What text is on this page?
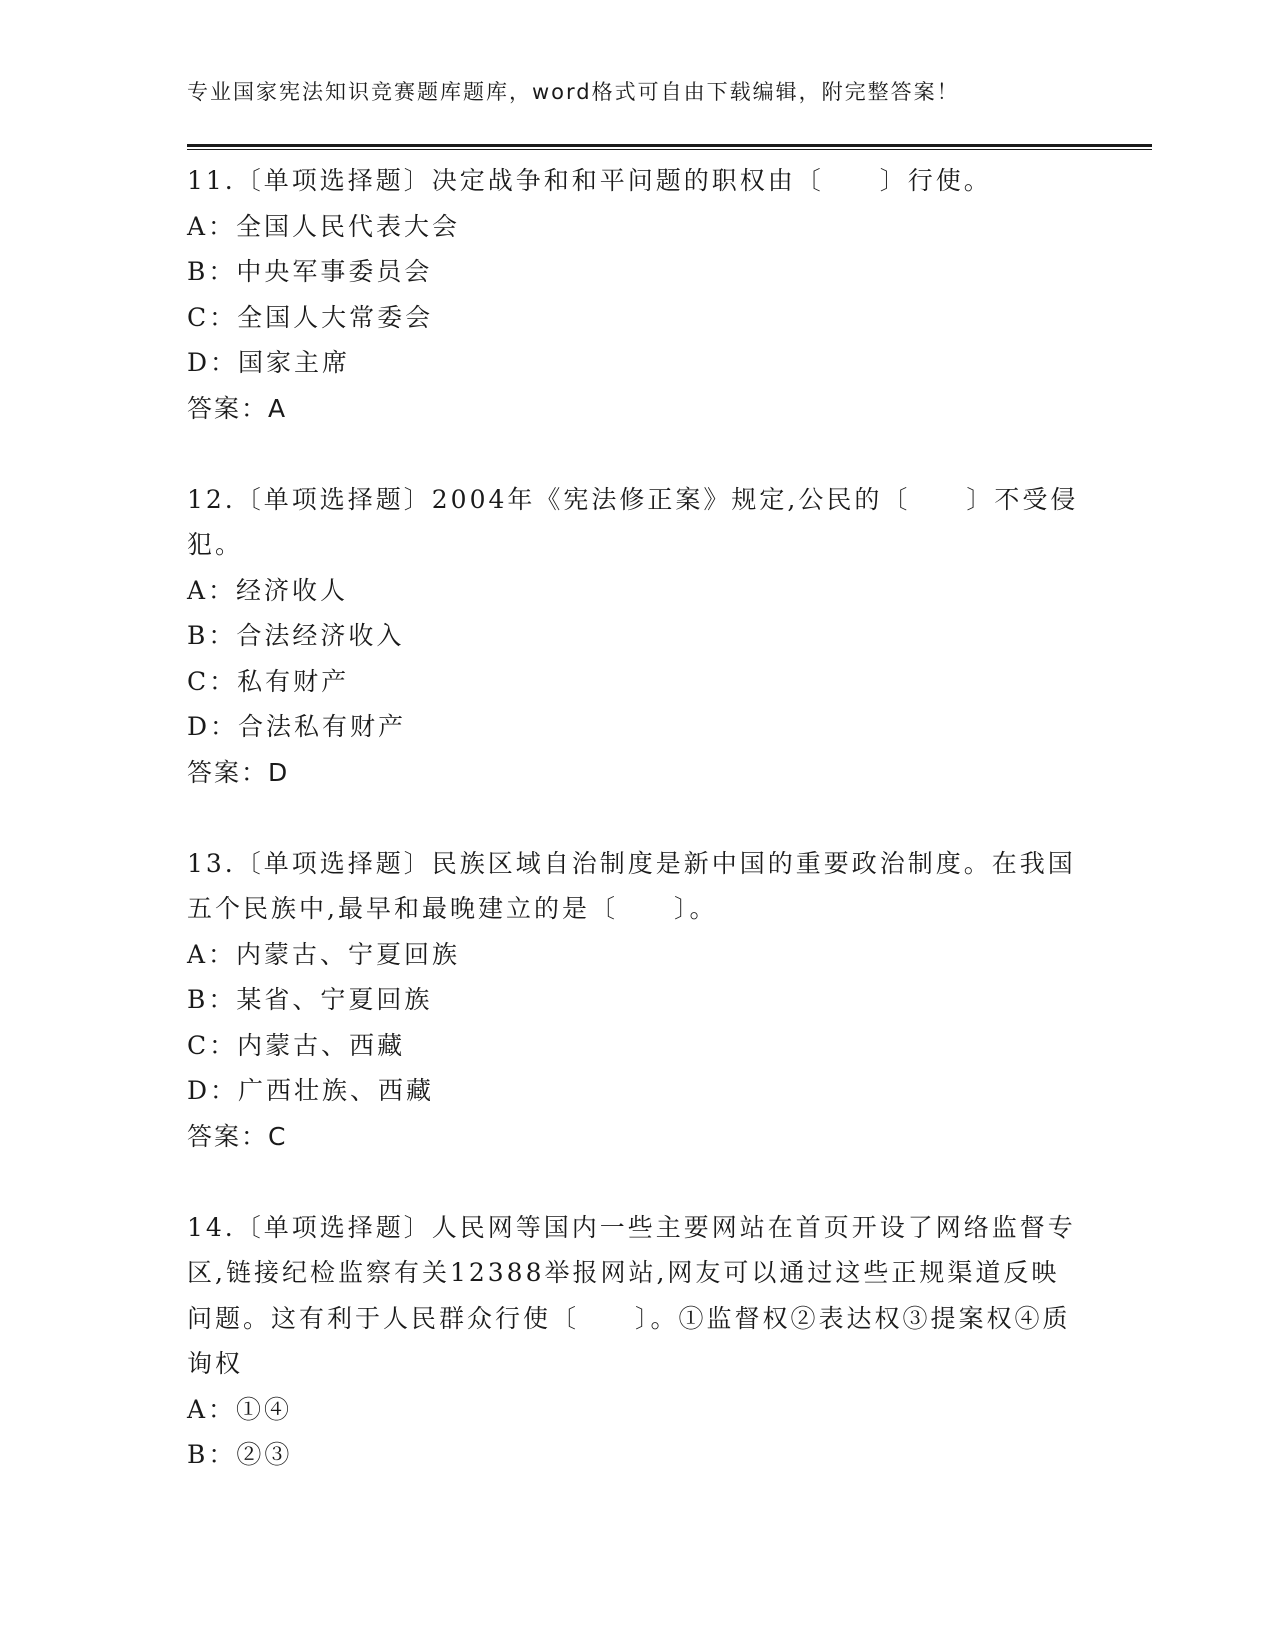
专业国家宪法知识竞赛题库题库，word格式可自由下载编辑，附完整答案！

11.〔单项选择题〕决定战争和和平问题的职权由〔　　〕行使。

A：全国人民代表大会

B：中央军事委员会

C：全国人大常委会

D：国家主席

答案：A

12.〔单项选择题〕2004年《宪法修正案》规定,公民的〔　　〕不受侵犯。

A：经济收人

B：合法经济收入

C：私有财产

D：合法私有财产

答案：D

13.〔单项选择题〕民族区域自治制度是新中国的重要政治制度。在我国五个民族中,最早和最晚建立的是〔　　〕。

A：内蒙古、宁夏回族

B：某省、宁夏回族

C：内蒙古、西藏

D：广西壮族、西藏

答案：C

14.〔单项选择题〕人民网等国内一些主要网站在首页开设了网络监督专区,链接纪检监察有关12388举报网站,网友可以通过这些正规渠道反映问题。这有利于人民群众行使〔　　〕。①监督权②表达权③提案权④质询权

A：①④

B：②③
